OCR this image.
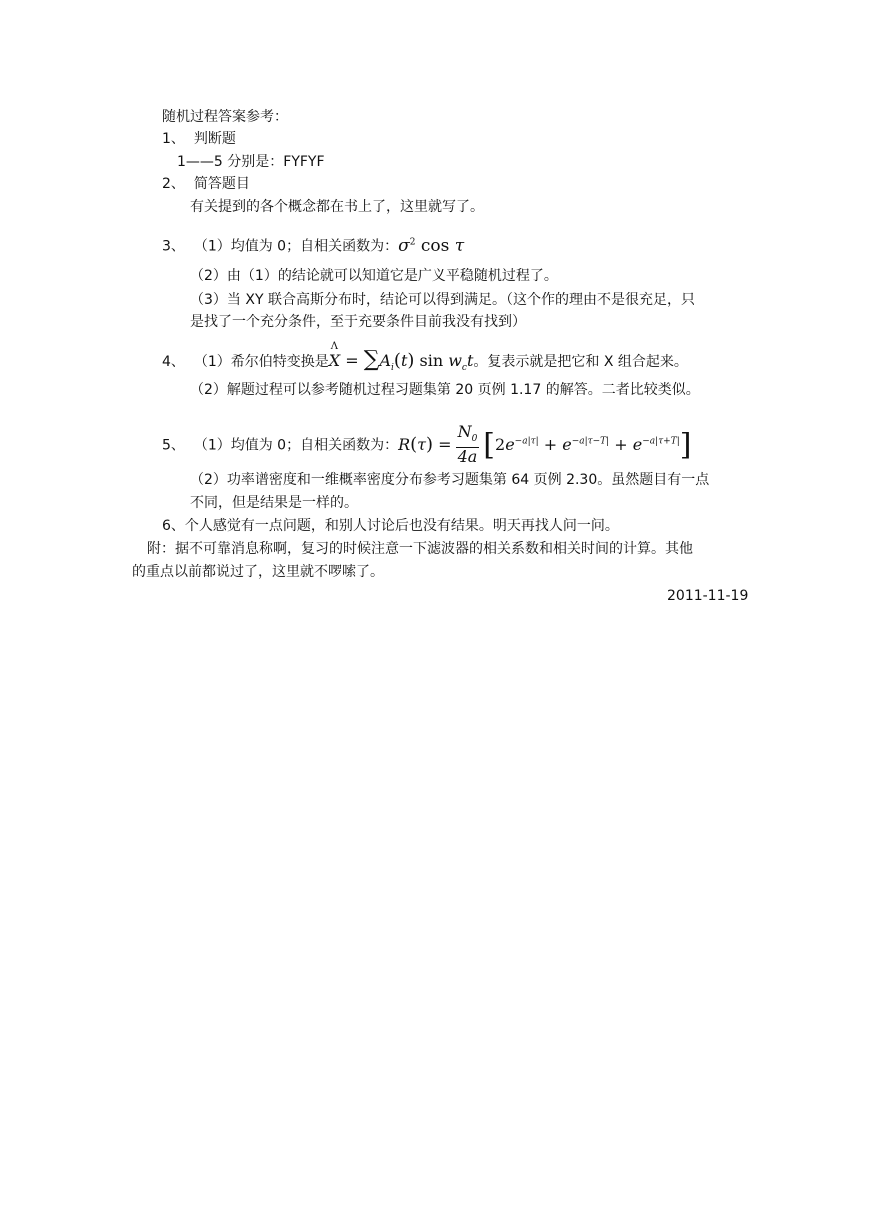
随机过程答案参考：
1、 判断题
1——5 分别是：FYFYF
2、 简答题目
有关提到的各个概念都在书上了，这里就写了。
3、 （1）均值为 0；自相关函数为：$\sigma^2$ cos τ
（2）由（1）的结论就可以知道它是广义平稳随机过程了。
（3）当 XY 联合高斯分布时，结论可以得到满足。（这个作的理由不是很充足，只
是找了一个充分条件，至于充要条件目前我没有找到）
4、 （1）希尔伯特变换是X
Λ
= $\sum A_i(t)$ $\sin w_ct$。复表示就是把它和 X 组合起来。
（2）解题过程可以参考随机过程习题集第 20 页例 1.17 的解答。二者比较类似。
5、 （1）均值为 0；自相关函数为：$R(\tau) = \frac{N_0}{4a} [2e^{-a|\tau|} + e^{-a|\tau-T|} + e^{-a|\tau+T|}]$
（2）功率谱密度和一维概率密度分布参考习题集第 64 页例 2.30。虽然题目有一点
不同，但是结果是一样的。
6、个人感觉有一点问题，和别人讨论后也没有结果。明天再找人问一问。
附：据不可靠消息称啊，复习的时候注意一下滤波器的相关系数和相关时间的计算。其他
的重点以前都说过了，这里就不啰嗦了。
2011-11-19
